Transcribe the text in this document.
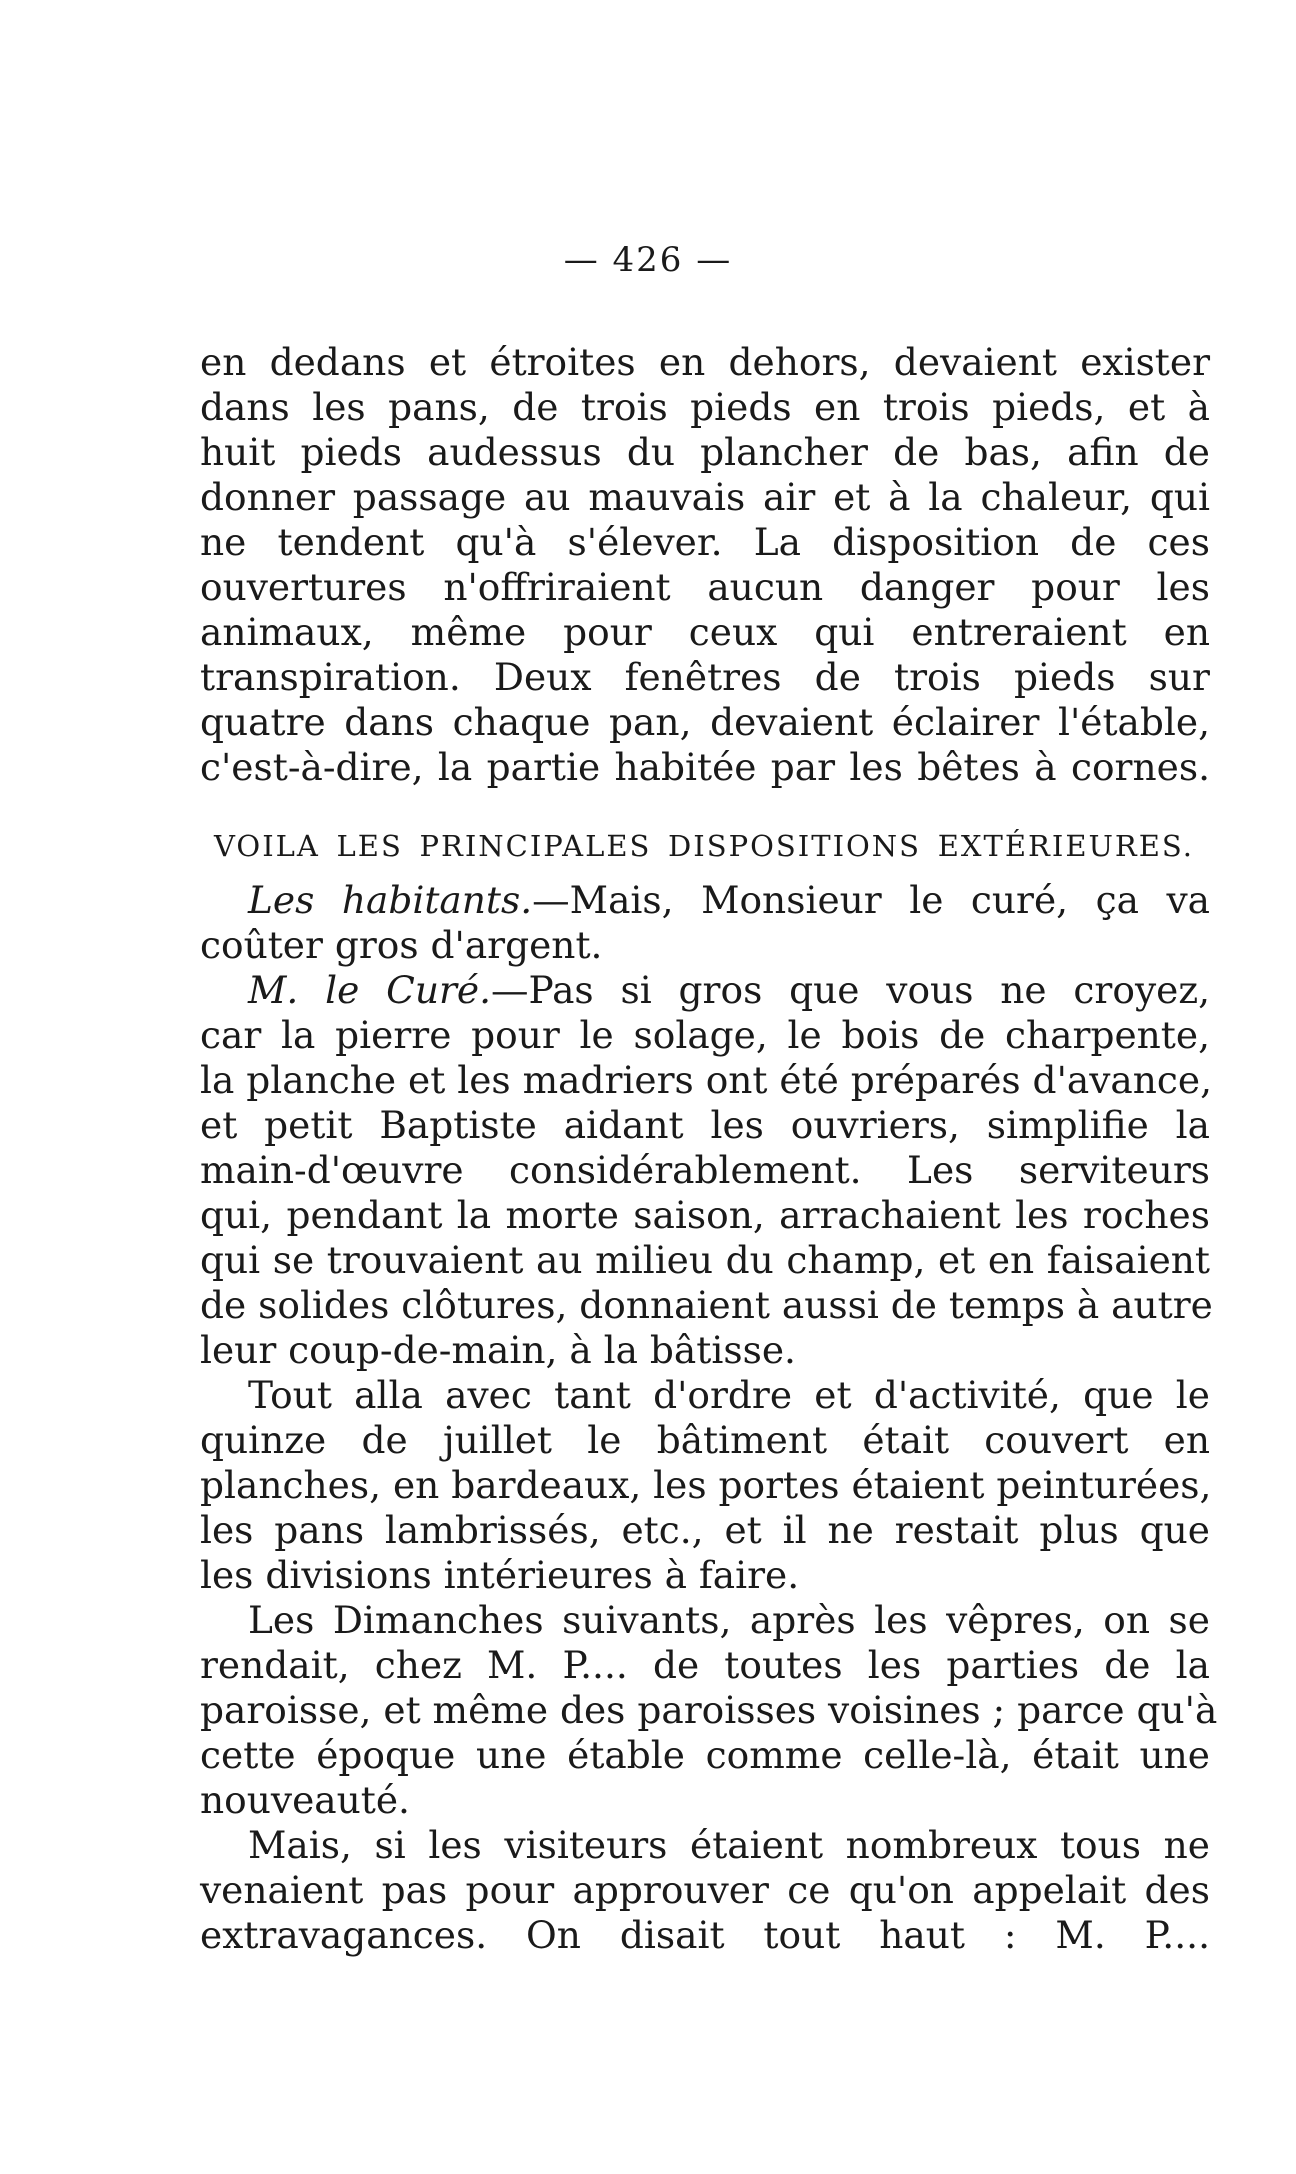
— 426 —
en dedans et étroites en dehors, devaient exister
dans les pans, de trois pieds en trois pieds, et à
huit pieds audessus du plancher de bas, afin de
donner passage au mauvais air et à la chaleur, qui
ne tendent qu'à s'élever. La disposition de ces
ouvertures n'offriraient aucun danger pour les
animaux, même pour ceux qui entreraient en
transpiration. Deux fenêtres de trois pieds sur
quatre dans chaque pan, devaient éclairer l'étable,
c'est-à-dire, la partie habitée par les bêtes à cornes.
VOILA LES PRINCIPALES DISPOSITIONS EXTÉRIEURES.
Les habitants.—Mais, Monsieur le curé, ça va
coûter gros d'argent.
M. le Curé.—Pas si gros que vous ne croyez,
car la pierre pour le solage, le bois de charpente,
la planche et les madriers ont été préparés d'avance,
et petit Baptiste aidant les ouvriers, simplifie la
main-d'œuvre considérablement. Les serviteurs
qui, pendant la morte saison, arrachaient les roches
qui se trouvaient au milieu du champ, et en faisaient
de solides clôtures, donnaient aussi de temps à autre
leur coup-de-main, à la bâtisse.
Tout alla avec tant d'ordre et d'activité, que le
quinze de juillet le bâtiment était couvert en
planches, en bardeaux, les portes étaient peinturées,
les pans lambrissés, etc., et il ne restait plus que
les divisions intérieures à faire.
Les Dimanches suivants, après les vêpres, on se
rendait, chez M. P.... de toutes les parties de la
paroisse, et même des paroisses voisines ; parce qu'à
cette époque une étable comme celle-là, était une
nouveauté.
Mais, si les visiteurs étaient nombreux tous ne
venaient pas pour approuver ce qu'on appelait des
extravagances. On disait tout haut : M. P....
